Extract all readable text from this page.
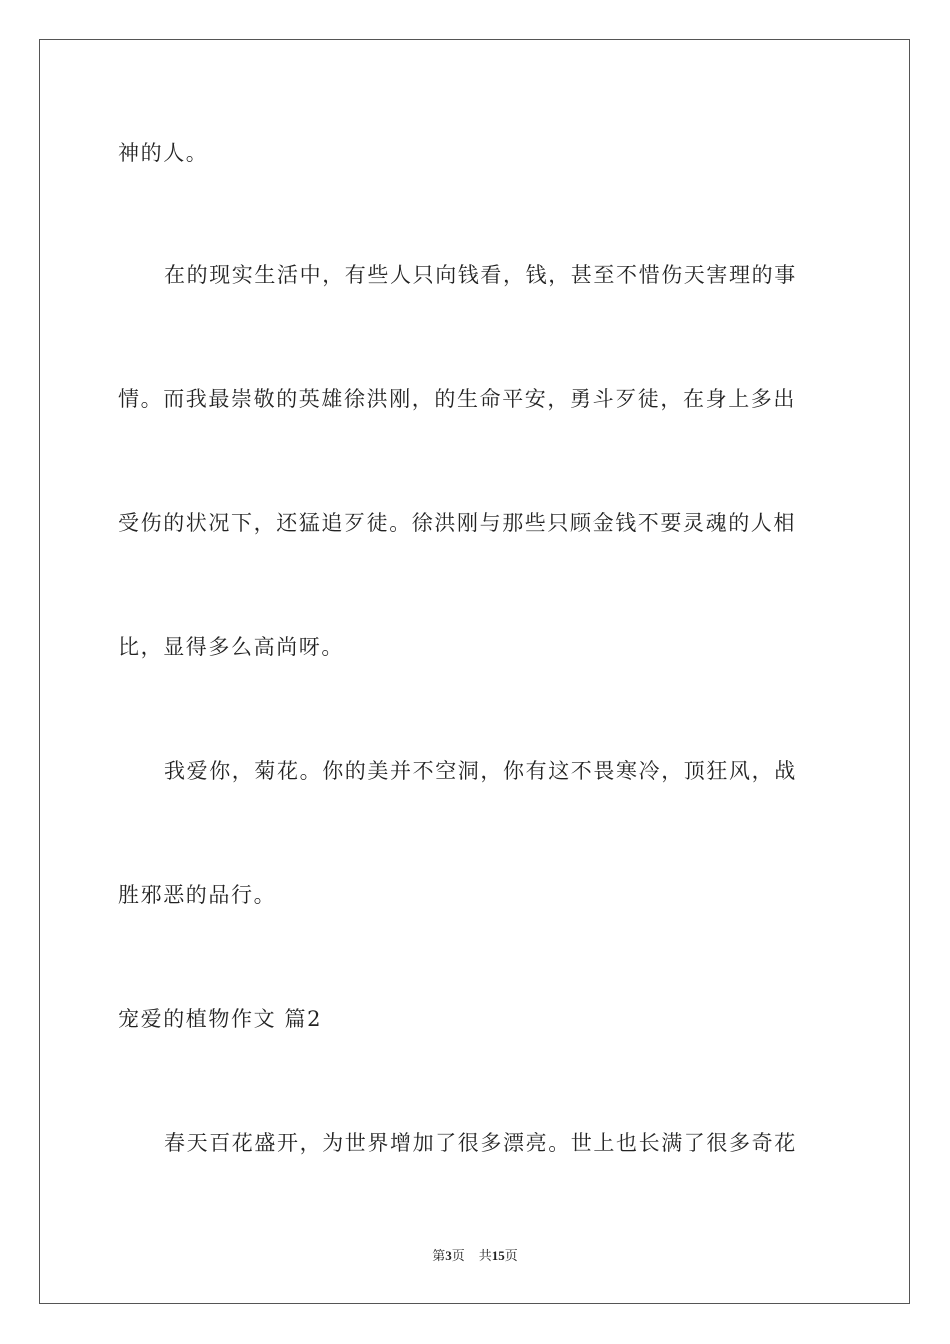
神的人。
在的现实生活中，有些人只向钱看，钱，甚至不惜伤天害理的事
情。而我最崇敬的英雄徐洪刚，的生命平安，勇斗歹徒，在身上多出
受伤的状况下，还猛追歹徒。徐洪刚与那些只顾金钱不要灵魂的人相
比，显得多么高尚呀。
我爱你，菊花。你的美并不空洞，你有这不畏寒冷，顶狂风，战
胜邪恶的品行。
宠爱的植物作文 篇2
春天百花盛开，为世界增加了很多漂亮。世上也长满了很多奇花
第3页 共15页
